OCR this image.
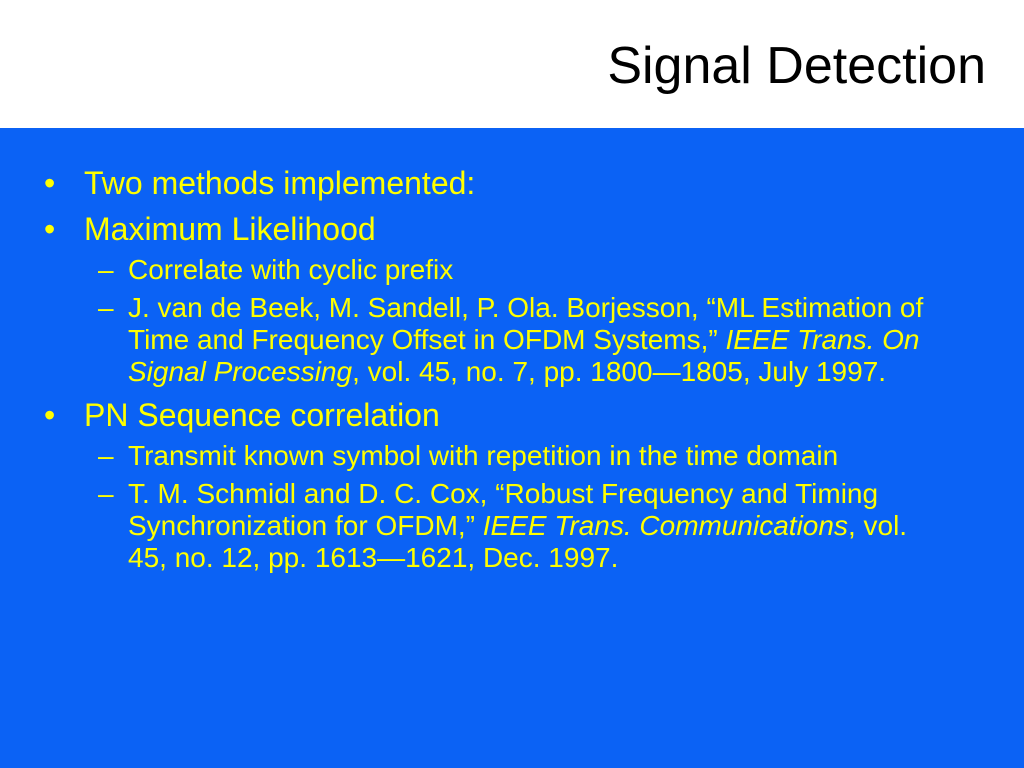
Signal Detection
• Two methods implemented:
• Maximum Likelihood
– Correlate with cyclic prefix
– J. van de Beek, M. Sandell, P. Ola. Borjesson, “ML Estimation of Time and Frequency Offset in OFDM Systems,” IEEE Trans. On Signal Processing, vol. 45, no. 7, pp. 1800—1805, July 1997.
• PN Sequence correlation
– Transmit known symbol with repetition in the time domain
– T. M. Schmidl and D. C. Cox, “Robust Frequency and Timing Synchronization for OFDM,” IEEE Trans. Communications, vol. 45, no. 12, pp. 1613—1621, Dec. 1997.
